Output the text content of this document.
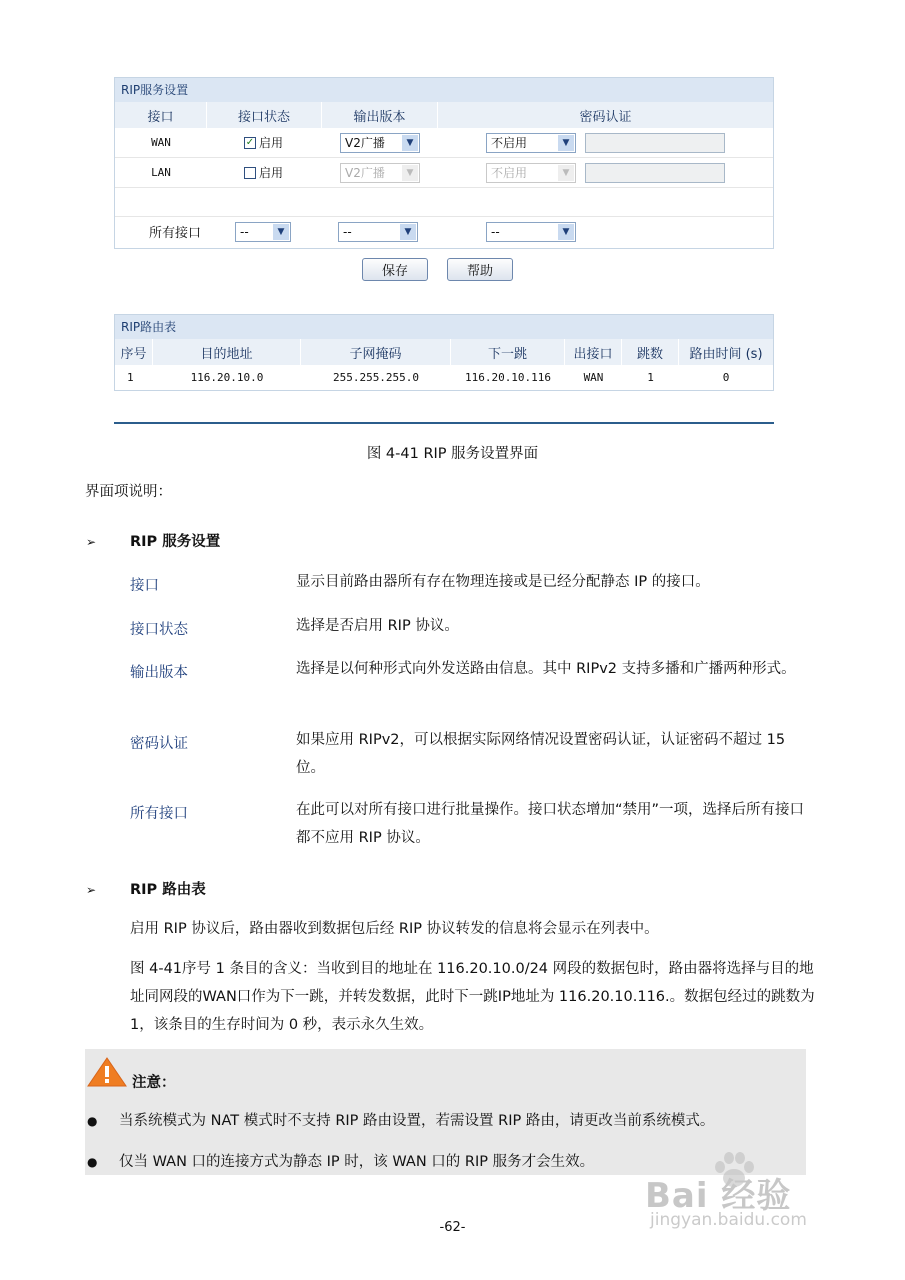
RIP服务设置
接口	接口状态	输出版本	密码认证
WAN	✓ 启用	V2广播	▼	不启用	▼
LAN	启用	V2广播	▼	不启用	▼
所有接口	--	▼	--	▼	--	▼
保存	帮助
RIP路由表
序号	目的地址	子网掩码	下一跳	出接口	跳数	路由时间 (s)
1	116.20.10.0	255.255.255.0	116.20.10.116	WAN	1	0
图 4-41 RIP 服务设置界面
界面项说明：
➢ RIP 服务设置
接口	显示目前路由器所有存在物理连接或是已经分配静态 IP 的接口。
接口状态	选择是否启用 RIP 协议。
输出版本	选择是以何种形式向外发送路由信息。其中 RIPv2 支持多播和广播两种形式。
密码认证	如果应用 RIPv2，可以根据实际网络情况设置密码认证，认证密码不超过 15 位。
所有接口	在此可以对所有接口进行批量操作。接口状态增加“禁用”一项，选择后所有接口都不应用 RIP 协议。
➢ RIP 路由表
启用 RIP 协议后，路由器收到数据包后经 RIP 协议转发的信息将会显示在列表中。
图 4-41序号 1 条目的含义：当收到目的地址在 116.20.10.0/24 网段的数据包时，路由器将选择与目的地址同网段的WAN口作为下一跳，并转发数据，此时下一跳IP地址为 116.20.10.116.。数据包经过的跳数为 1，该条目的生存时间为 0 秒，表示永久生效。
注意：
● 当系统模式为 NAT 模式时不支持 RIP 路由设置，若需设置 RIP 路由，请更改当前系统模式。
● 仅当 WAN 口的连接方式为静态 IP 时，该 WAN 口的 RIP 服务才会生效。
Bai 经验
jingyan.baidu.com
-62-
